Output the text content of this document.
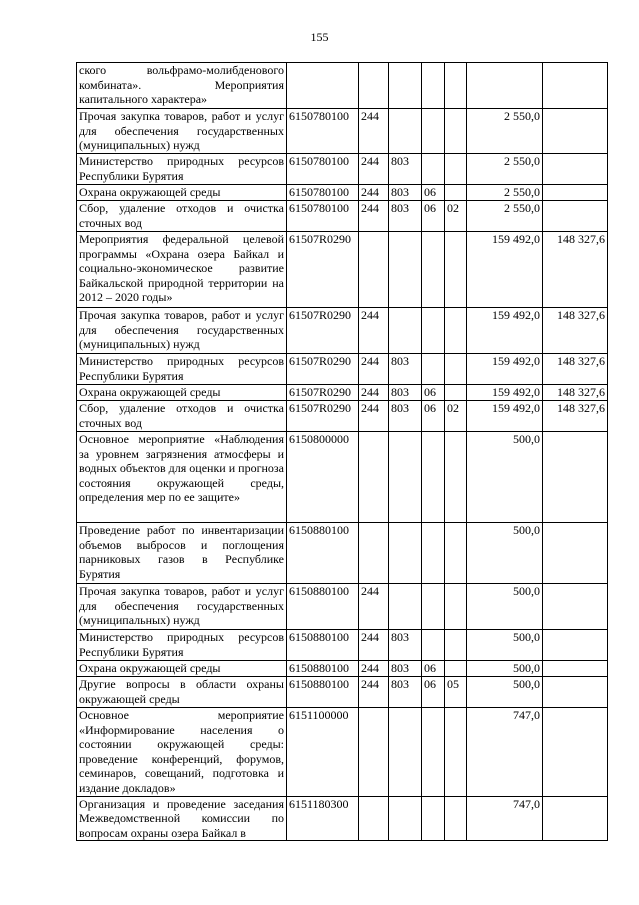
155
ского вольфрамо-молибденового комбината». Мероприятия капитального характера»							
Прочая закупка товаров, работ и услуг для обеспечения государственных (муниципальных) нужд	6150780100	244				2 550,0	
Министерство природных ресурсов Республики Бурятия	6150780100	244	803			2 550,0	
Охрана окружающей среды	6150780100	244	803	06		2 550,0	
Сбор, удаление отходов и очистка сточных вод	6150780100	244	803	06	02	2 550,0	
Мероприятия федеральной целевой программы «Охрана озера Байкал и социально-экономическое развитие Байкальской природной территории на 2012 – 2020 годы»	61507R0290					159 492,0	148 327,6
Прочая закупка товаров, работ и услуг для обеспечения государственных (муниципальных) нужд	61507R0290	244				159 492,0	148 327,6
Министерство природных ресурсов Республики Бурятия	61507R0290	244	803			159 492,0	148 327,6
Охрана окружающей среды	61507R0290	244	803	06		159 492,0	148 327,6
Сбор, удаление отходов и очистка сточных вод	61507R0290	244	803	06	02	159 492,0	148 327,6
Основное мероприятие «Наблюдения за уровнем загрязнения атмосферы и водных объектов для оценки и прогноза состояния окружающей среды, определения мер по ее защите»	6150800000					500,0	
Проведение работ по инвентаризации объемов выбросов и поглощения парниковых газов в Республике Бурятия	6150880100					500,0	
Прочая закупка товаров, работ и услуг для обеспечения государственных (муниципальных) нужд	6150880100	244				500,0	
Министерство природных ресурсов Республики Бурятия	6150880100	244	803			500,0	
Охрана окружающей среды	6150880100	244	803	06		500,0	
Другие вопросы в области охраны окружающей среды	6150880100	244	803	06	05	500,0	
Основное мероприятие «Информирование населения о состоянии окружающей среды: проведение конференций, форумов, семинаров, совещаний, подготовка и издание докладов»	6151100000					747,0	
Организация и проведение заседания Межведомственной комиссии по вопросам охраны озера Байкал в	6151180300					747,0	
